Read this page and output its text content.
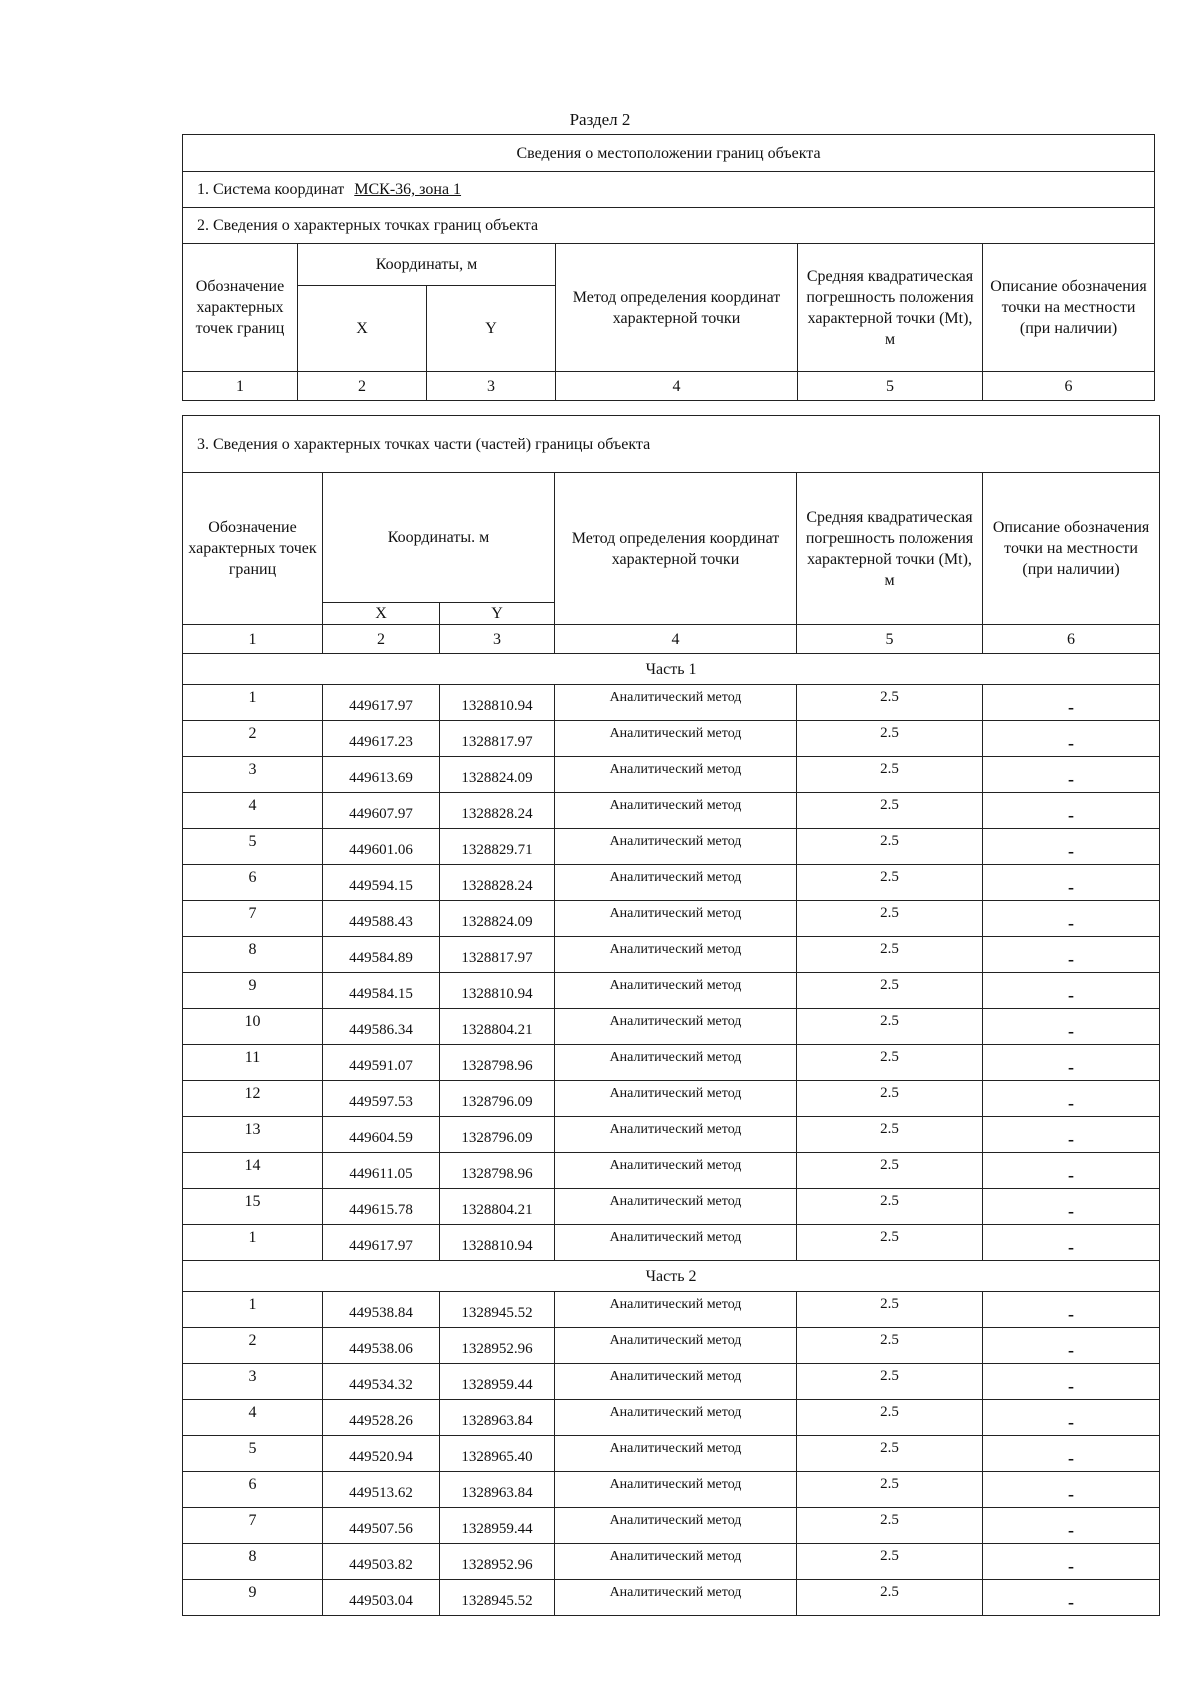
Раздел 2
Сведения о местоположении границ объекта					
1. Система координат МСК-36, зона 1					
2. Сведения о характерных точках границ объекта					
Обозначение характерных точек границ	Координаты, м		Метод определения координат характерной точки	Средняя квадратическая погрешность положения характерной точки (Mt), м	Описание обозначения точки на местности (при наличии)
	X	Y			
1	2	3	4	5	6
3. Сведения о характерных точках части (частей) границы объекта					
Обозначение характерных точек границ	Координаты. м		Метод определения координат характерной точки	Средняя квадратическая погрешность положения характерной точки (Mt), м	Описание обозначения точки на местности (при наличии)
	X	Y			
1	2	3	4	5	6
Часть 1					
1	449617.97	1328810.94	Аналитический метод	2.5	-
2	449617.23	1328817.97	Аналитический метод	2.5	-
3	449613.69	1328824.09	Аналитический метод	2.5	-
4	449607.97	1328828.24	Аналитический метод	2.5	-
5	449601.06	1328829.71	Аналитический метод	2.5	-
6	449594.15	1328828.24	Аналитический метод	2.5	-
7	449588.43	1328824.09	Аналитический метод	2.5	-
8	449584.89	1328817.97	Аналитический метод	2.5	-
9	449584.15	1328810.94	Аналитический метод	2.5	-
10	449586.34	1328804.21	Аналитический метод	2.5	-
11	449591.07	1328798.96	Аналитический метод	2.5	-
12	449597.53	1328796.09	Аналитический метод	2.5	-
13	449604.59	1328796.09	Аналитический метод	2.5	-
14	449611.05	1328798.96	Аналитический метод	2.5	-
15	449615.78	1328804.21	Аналитический метод	2.5	-
1	449617.97	1328810.94	Аналитический метод	2.5	-
Часть 2					
1	449538.84	1328945.52	Аналитический метод	2.5	-
2	449538.06	1328952.96	Аналитический метод	2.5	-
3	449534.32	1328959.44	Аналитический метод	2.5	-
4	449528.26	1328963.84	Аналитический метод	2.5	-
5	449520.94	1328965.40	Аналитический метод	2.5	-
6	449513.62	1328963.84	Аналитический метод	2.5	-
7	449507.56	1328959.44	Аналитический метод	2.5	-
8	449503.82	1328952.96	Аналитический метод	2.5	-
9	449503.04	1328945.52	Аналитический метод	2.5	-
